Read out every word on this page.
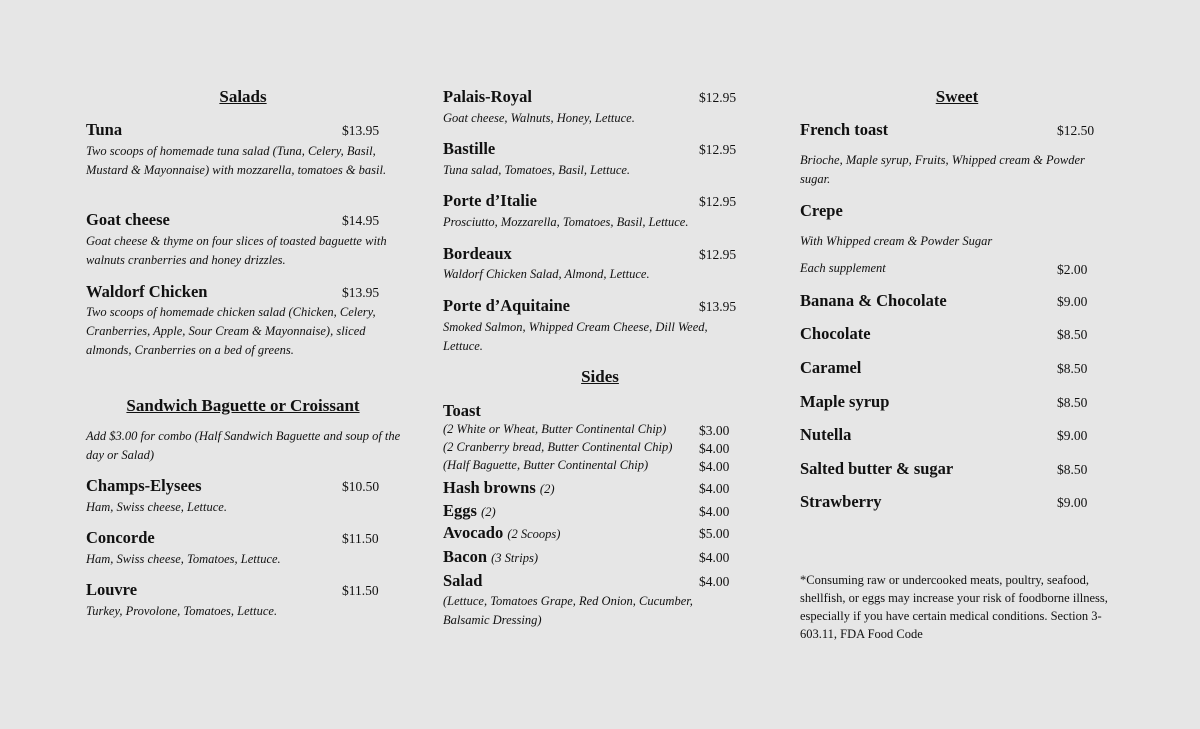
Salads
Tuna	$13.95
Two scoops of homemade tuna salad (Tuna, Celery, Basil, Mustard & Mayonnaise) with mozzarella, tomatoes & basil.
Goat cheese	$14.95
Goat cheese & thyme on four slices of toasted baguette with walnuts cranberries and honey drizzles.
Waldorf Chicken	$13.95
Two scoops of homemade chicken salad (Chicken, Celery, Cranberries, Apple, Sour Cream & Mayonnaise), sliced almonds, Cranberries on a bed of greens.
Sandwich Baguette or Croissant
Add $3.00 for combo (Half Sandwich Baguette and soup of the day or Salad)
Champs-Elysees	$10.50
Ham, Swiss cheese, Lettuce.
Concorde	$11.50
Ham, Swiss cheese, Tomatoes, Lettuce.
Louvre	$11.50
Turkey, Provolone, Tomatoes, Lettuce.
Palais-Royal	$12.95
Goat cheese, Walnuts, Honey, Lettuce.
Bastille	$12.95
Tuna salad, Tomatoes, Basil, Lettuce.
Porte d’Italie	$12.95
Prosciutto, Mozzarella, Tomatoes, Basil, Lettuce.
Bordeaux	$12.95
Waldorf Chicken Salad, Almond, Lettuce.
Porte d’Aquitaine	$13.95
Smoked Salmon, Whipped Cream Cheese, Dill Weed, Lettuce.
Sides
Toast
(2 White or Wheat, Butter Continental Chip) $3.00
(2 Cranberry bread, Butter Continental Chip) $4.00
(Half Baguette, Butter Continental Chip)	$4.00
Hash browns (2)	$4.00
Eggs (2)	$4.00
Avocado (2 Scoops)	$5.00
Bacon (3 Strips)	$4.00
Salad	$4.00
(Lettuce, Tomatoes Grape, Red Onion, Cucumber, Balsamic Dressing)
Sweet
French toast	$12.50
Brioche, Maple syrup, Fruits, Whipped cream & Powder sugar.
Crepe
With Whipped cream & Powder Sugar
Each supplement	$2.00
Banana & Chocolate	$9.00
Chocolate	$8.50
Caramel	$8.50
Maple syrup	$8.50
Nutella	$9.00
Salted butter & sugar	$8.50
Strawberry	$9.00
*Consuming raw or undercooked meats, poultry, seafood, shellfish, or eggs may increase your risk of foodborne illness, especially if you have certain medical conditions. Section 3-603.11, FDA Food Code
